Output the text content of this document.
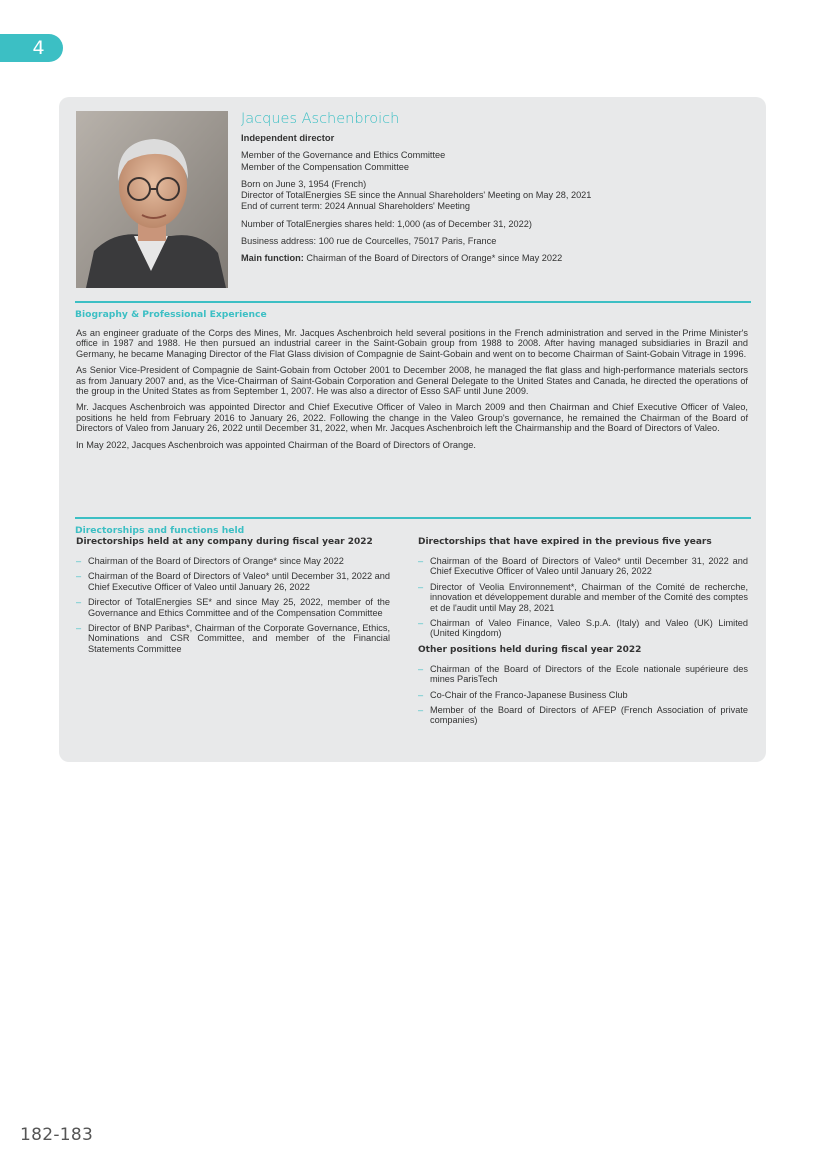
4
Jacques Aschenbroich
Independent director

Member of the Governance and Ethics Committee

Member of the Compensation Committee

Born on June 3, 1954 (French)

Director of TotalEnergies SE since the Annual Shareholders' Meeting on May 28, 2021

End of current term: 2024 Annual Shareholders' Meeting

Number of TotalEnergies shares held: 1,000 (as of December 31, 2022)

Business address: 100 rue de Courcelles, 75017 Paris, France

Main function: Chairman of the Board of Directors of Orange* since May 2022

Biography & Professional Experience

As an engineer graduate of the Corps des Mines, Mr. Jacques Aschenbroich held several positions in the French administration and served in the Prime Minister's office in 1987 and 1988. He then pursued an industrial career in the Saint-Gobain group from 1988 to 2008. After having managed subsidiaries in Brazil and Germany, he became Managing Director of the Flat Glass division of Compagnie de Saint-Gobain and went on to become Chairman of Saint-Gobain Vitrage in 1996.

As Senior Vice-President of Compagnie de Saint-Gobain from October 2001 to December 2008, he managed the flat glass and high-performance materials sectors as from January 2007 and, as the Vice-Chairman of Saint-Gobain Corporation and General Delegate to the United States and Canada, he directed the operations of the group in the United States as from September 1, 2007. He was also a director of Esso SAF until June 2009.

Mr. Jacques Aschenbroich was appointed Director and Chief Executive Officer of Valeo in March 2009 and then Chairman and Chief Executive Officer of Valeo, positions he held from February 2016 to January 26, 2022. Following the change in the Valeo Group's governance, he remained the Chairman of the Board of Directors of Valeo from January 26, 2022 until December 31, 2022, when Mr. Jacques Aschenbroich left the Chairmanship and the Board of Directors of Valeo.

In May 2022, Jacques Aschenbroich was appointed Chairman of the Board of Directors of Orange.

Directorships and functions held
Directorships held at any company during fiscal year 2022
– Chairman of the Board of Directors of Orange* since May 2022
– Chairman of the Board of Directors of Valeo* until December 31, 2022 and Chief Executive Officer of Valeo until January 26, 2022
– Director of TotalEnergies SE* and since May 25, 2022, member of the Governance and Ethics Committee and of the Compensation Committee
– Director of BNP Paribas*, Chairman of the Corporate Governance, Ethics, Nominations and CSR Committee, and member of the Financial Statements Committee
Directorships that have expired in the previous five years
– Chairman of the Board of Directors of Valeo* until December 31, 2022 and Chief Executive Officer of Valeo until January 26, 2022
– Director of Veolia Environnement*, Chairman of the Comité de recherche, innovation et développement durable and member of the Comité des comptes et de l'audit until May 28, 2021
– Chairman of Valeo Finance, Valeo S.p.A. (Italy) and Valeo (UK) Limited (United Kingdom)
Other positions held during fiscal year 2022
– Chairman of the Board of Directors of the Ecole nationale supérieure des mines ParisTech
– Co-Chair of the Franco-Japanese Business Club
– Member of the Board of Directors of AFEP (French Association of private companies)
182-183
